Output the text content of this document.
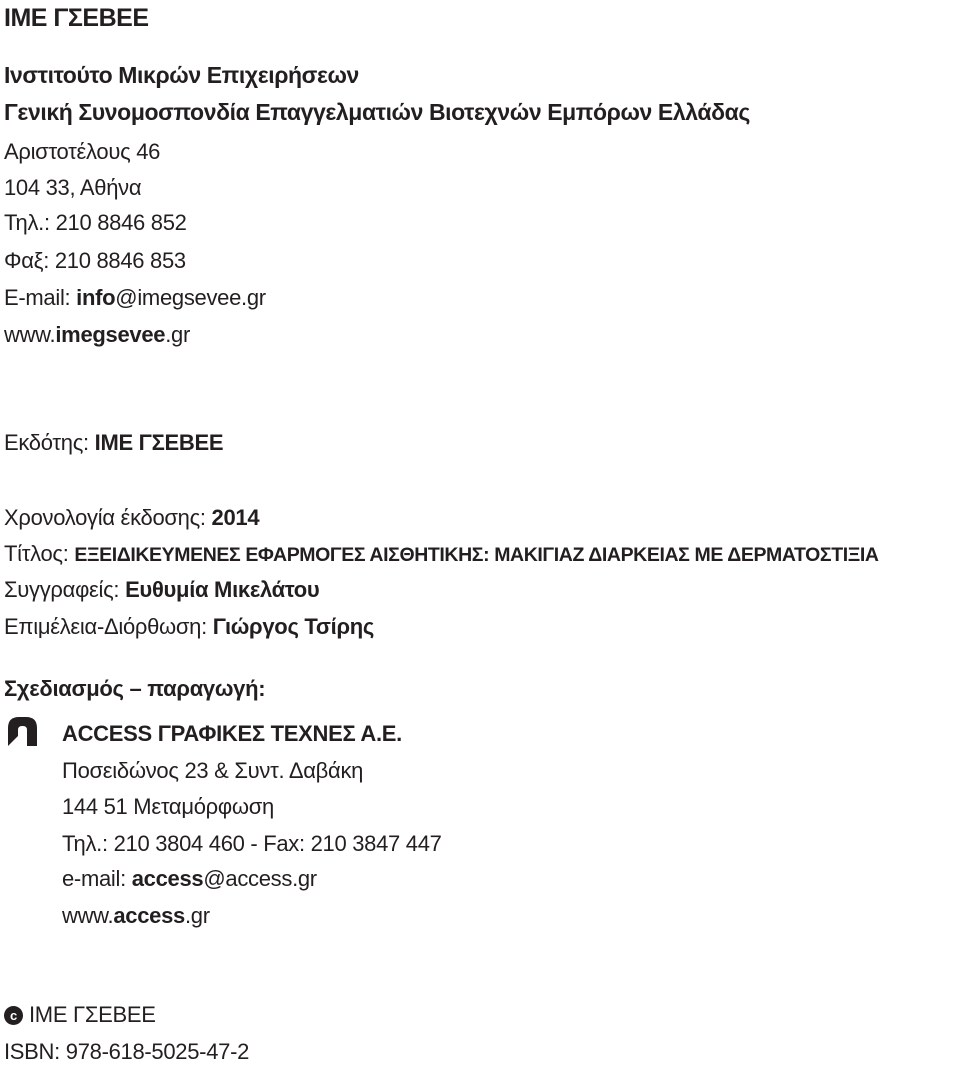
ΙΜΕ ΓΣΕΒΕΕ
Ινστιτούτο Μικρών Επιχειρήσεων
Γενική Συνομοσπονδία Επαγγελματιών Βιοτεχνών Εμπόρων Ελλάδας
Αριστοτέλους 46
104 33, Αθήνα
Τηλ.: 210 8846 852
Φαξ: 210 8846 853
E-mail: info@imegsevee.gr
www.imegsevee.gr
Εκδότης: ΙΜΕ ΓΣΕΒΕΕ
Χρονολογία έκδοσης: 2014
Τίτλος: ΕΞΕΙΔΙΚΕΥΜΕΝΕΣ ΕΦΑΡΜΟΓΕΣ ΑΙΣΘΗΤΙΚΗΣ: ΜΑΚΙΓΙΑΖ ΔΙΑΡΚΕΙΑΣ ΜΕ ΔΕΡΜΑΤΟΣΤΙΞΙΑ
Συγγραφείς: Ευθυμία Μικελάτου
Επιμέλεια-Διόρθωση: Γιώργος Τσίρης
Σχεδιασμός – παραγωγή:
ACCESS ΓΡΑΦΙΚΕΣ ΤΕΧΝΕΣ Α.Ε.
Ποσειδώνος 23 & Συντ. Δαβάκη
144 51 Μεταμόρφωση
Τηλ.: 210 3804 460 - Fax: 210 3847 447
e-mail: access@access.gr
www.access.gr
c ΙΜΕ ΓΣΕΒΕΕ
ISBN: 978-618-5025-47-2
